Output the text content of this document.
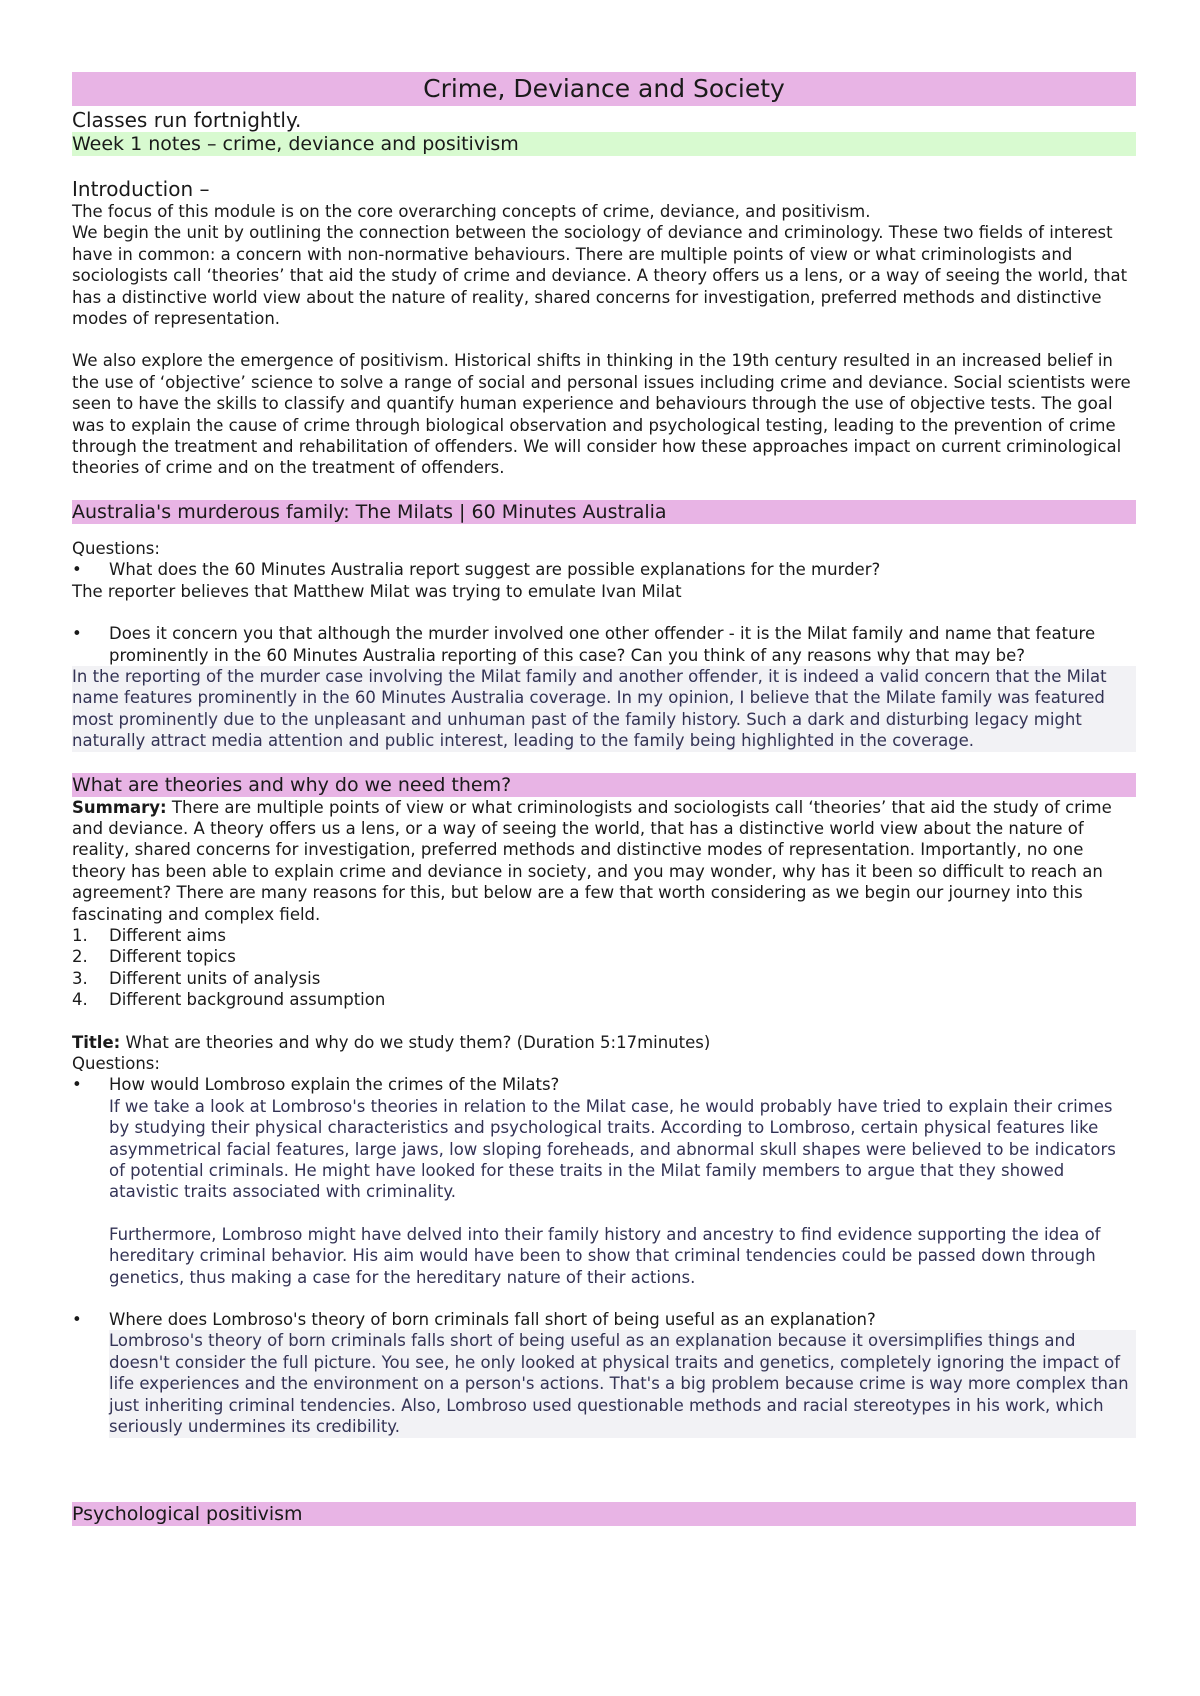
Crime, Deviance and Society

Classes run fortnightly.

Week 1 notes – crime, deviance and positivism

Introduction –

The focus of this module is on the core overarching concepts of crime, deviance, and positivism.

We begin the unit by outlining the connection between the sociology of deviance and criminology. These two fields of interest have in common: a concern with non-normative behaviours. There are multiple points of view or what criminologists and sociologists call ‘theories’ that aid the study of crime and deviance. A theory offers us a lens, or a way of seeing the world, that has a distinctive world view about the nature of reality, shared concerns for investigation, preferred methods and distinctive modes of representation.

We also explore the emergence of positivism. Historical shifts in thinking in the 19th century resulted in an increased belief in the use of ‘objective’ science to solve a range of social and personal issues including crime and deviance. Social scientists were seen to have the skills to classify and quantify human experience and behaviours through the use of objective tests. The goal was to explain the cause of crime through biological observation and psychological testing, leading to the prevention of crime through the treatment and rehabilitation of offenders. We will consider how these approaches impact on current criminological theories of crime and on the treatment of offenders.

Australia's murderous family: The Milats | 60 Minutes Australia

Questions:

•	What does the 60 Minutes Australia report suggest are possible explanations for the murder?

The reporter believes that Matthew Milat was trying to emulate Ivan Milat

•	Does it concern you that although the murder involved one other offender - it is the Milat family and name that feature prominently in the 60 Minutes Australia reporting of this case? Can you think of any reasons why that may be?

In the reporting of the murder case involving the Milat family and another offender, it is indeed a valid concern that the Milat name features prominently in the 60 Minutes Australia coverage. In my opinion, I believe that the Milate family was featured most prominently due to the unpleasant and unhuman past of the family history. Such a dark and disturbing legacy might naturally attract media attention and public interest, leading to the family being highlighted in the coverage.

What are theories and why do we need them?

Summary: There are multiple points of view or what criminologists and sociologists call ‘theories’ that aid the study of crime and deviance. A theory offers us a lens, or a way of seeing the world, that has a distinctive world view about the nature of reality, shared concerns for investigation, preferred methods and distinctive modes of representation. Importantly, no one theory has been able to explain crime and deviance in society, and you may wonder, why has it been so difficult to reach an agreement? There are many reasons for this, but below are a few that worth considering as we begin our journey into this fascinating and complex field.

1. Different aims
2. Different topics
3. Different units of analysis
4. Different background assumption

Title: What are theories and why do we study them? (Duration 5:17minutes)

Questions:

•	How would Lombroso explain the crimes of the Milats?
If we take a look at Lombroso's theories in relation to the Milat case, he would probably have tried to explain their crimes by studying their physical characteristics and psychological traits. According to Lombroso, certain physical features like asymmetrical facial features, large jaws, low sloping foreheads, and abnormal skull shapes were believed to be indicators of potential criminals. He might have looked for these traits in the Milat family members to argue that they showed atavistic traits associated with criminality.
Furthermore, Lombroso might have delved into their family history and ancestry to find evidence supporting the idea of hereditary criminal behavior. His aim would have been to show that criminal tendencies could be passed down through genetics, thus making a case for the hereditary nature of their actions.
•	Where does Lombroso's theory of born criminals fall short of being useful as an explanation?
Lombroso's theory of born criminals falls short of being useful as an explanation because it oversimplifies things and doesn't consider the full picture. You see, he only looked at physical traits and genetics, completely ignoring the impact of life experiences and the environment on a person's actions. That's a big problem because crime is way more complex than just inheriting criminal tendencies. Also, Lombroso used questionable methods and racial stereotypes in his work, which seriously undermines its credibility.
Psychological positivism
